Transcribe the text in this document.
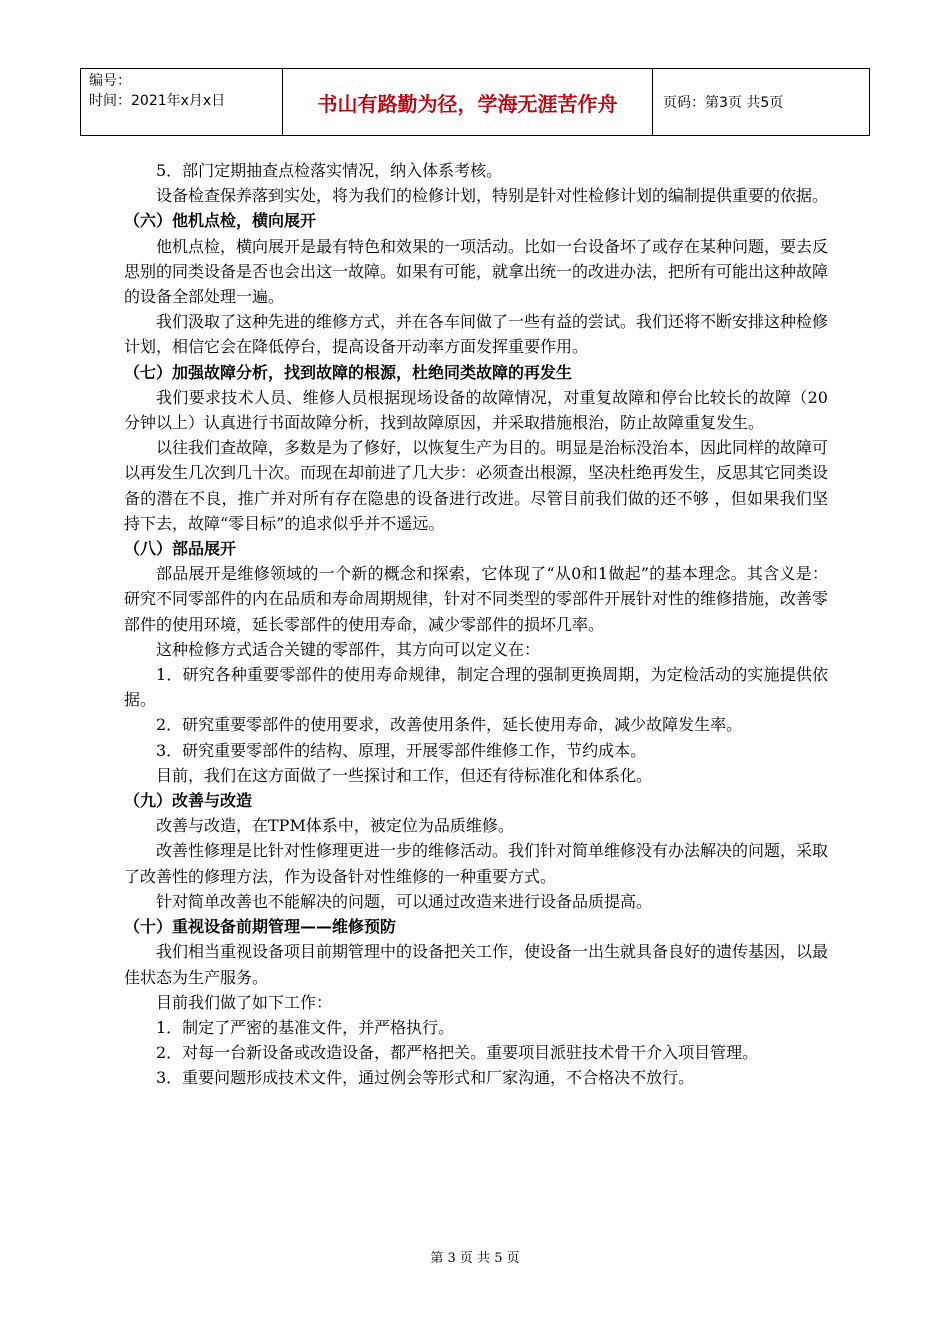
编号：
时间：2021年x月x日	书山有路勤为径，学海无涯苦作舟	页码：第3页 共5页

5．部门定期抽查点检落实情况，纳入体系考核。

设备检查保养落到实处，将为我们的检修计划，特别是针对性检修计划的编制提供重要的依据。

（六）他机点检，横向展开

他机点检，横向展开是最有特色和效果的一项活动。比如一台设备坏了或存在某种问题，要去反思别的同类设备是否也会出这一故障。如果有可能，就拿出统一的改进办法，把所有可能出这种故障的设备全部处理一遍。

我们汲取了这种先进的维修方式，并在各车间做了一些有益的尝试。我们还将不断安排这种检修计划，相信它会在降低停台，提高设备开动率方面发挥重要作用。

（七）加强故障分析，找到故障的根源，杜绝同类故障的再发生

我们要求技术人员、维修人员根据现场设备的故障情况，对重复故障和停台比较长的故障（20分钟以上）认真进行书面故障分析，找到故障原因，并采取措施根治，防止故障重复发生。

以往我们查故障，多数是为了修好，以恢复生产为目的。明显是治标没治本，因此同样的故障可以再发生几次到几十次。而现在却前进了几大步：必须查出根源，坚决杜绝再发生，反思其它同类设备的潜在不良，推广并对所有存在隐患的设备进行改进。尽管目前我们做的还不够 ，但如果我们坚持下去，故障“零目标”的追求似乎并不遥远。

（八）部品展开

部品展开是维修领域的一个新的概念和探索，它体现了“从0和1做起”的基本理念。其含义是：研究不同零部件的内在品质和寿命周期规律，针对不同类型的零部件开展针对性的维修措施，改善零部件的使用环境，延长零部件的使用寿命，减少零部件的损坏几率。

这种检修方式适合关键的零部件，其方向可以定义在：

1．研究各种重要零部件的使用寿命规律，制定合理的强制更换周期，为定检活动的实施提供依据。

2．研究重要零部件的使用要求，改善使用条件，延长使用寿命，减少故障发生率。

3．研究重要零部件的结构、原理，开展零部件维修工作，节约成本。

目前，我们在这方面做了一些探讨和工作，但还有待标准化和体系化。

（九）改善与改造

改善与改造，在TPM体系中，被定位为品质维修。

改善性修理是比针对性修理更进一步的维修活动。我们针对简单维修没有办法解决的问题，采取了改善性的修理方法，作为设备针对性维修的一种重要方式。

针对简单改善也不能解决的问题，可以通过改造来进行设备品质提高。

（十）重视设备前期管理——维修预防

我们相当重视设备项目前期管理中的设备把关工作，使设备一出生就具备良好的遗传基因，以最佳状态为生产服务。

目前我们做了如下工作：

1．制定了严密的基准文件，并严格执行。

2．对每一台新设备或改造设备，都严格把关。重要项目派驻技术骨干介入项目管理。

3．重要问题形成技术文件，通过例会等形式和厂家沟通，不合格决不放行。

第 3 页 共 5 页
